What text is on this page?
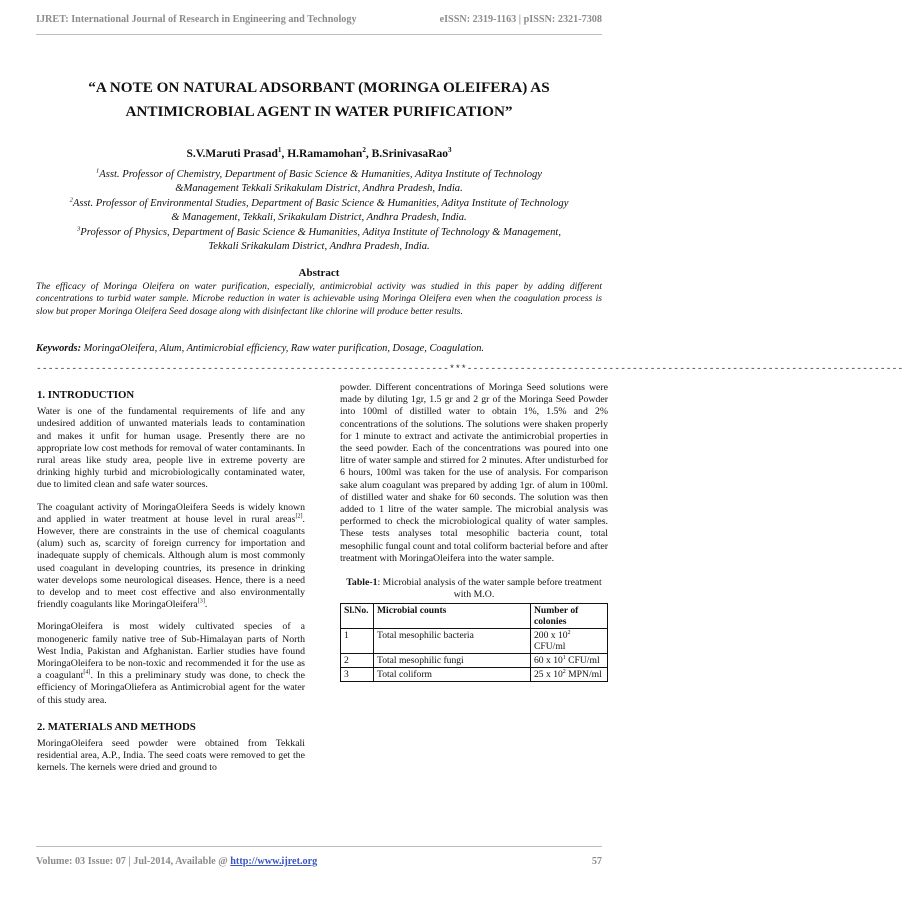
IJRET: International Journal of Research in Engineering and Technology	eISSN: 2319-1163 | pISSN: 2321-7308
“A NOTE ON NATURAL ADSORBANT (MORINGA OLEIFERA) AS
ANTIMICROBIAL AGENT IN WATER PURIFICATION”
S.V.Maruti Prasad$^1$, H.Ramamohan$^2$, B.SrinivasaRao$^3$

$^1$Asst. Professor of Chemistry, Department of Basic Science & Humanities, Aditya Institute of Technology
&Management Tekkali Srikakulam District, Andhra Pradesh, India.

$^2$Asst. Professor of Environmental Studies, Department of Basic Science & Humanities, Aditya Institute of Technology
& Management, Tekkali, Srikakulam District, Andhra Pradesh, India.

$^3$Professor of Physics, Department of Basic Science & Humanities, Aditya Institute of Technology & Management,
Tekkali Srikakulam District, Andhra Pradesh, India.

Abstract

The efficacy of Moringa Oleifera on water purification, especially, antimicrobial activity was studied in this paper by adding different concentrations to turbid water sample. Microbe reduction in water is achievable using Moringa Oleifera even when the coagulation process is slow but proper Moringa Oleifera Seed dosage along with disinfectant like chlorine will produce better results.

Keywords: MoringaOleifera, Alum, Antimicrobial efficiency, Raw water purification, Dosage, Coagulation.
----------------------------------------------------------------------***--------------------------------------------------------------------------
1. INTRODUCTION

Water is one of the fundamental requirements of life and any undesired addition of unwanted materials leads to contamination and makes it unfit for human usage. Presently there are no appropriate low cost methods for removal of water contaminants. In rural areas like study area, people live in extreme poverty are drinking highly turbid and microbiologically contaminated water, due to limited clean and safe water sources.

The coagulant activity of MoringaOleifera Seeds is widely known and applied in water treatment at house level in rural areas[2]. However, there are constraints in the use of chemical coagulants (alum) such as, scarcity of foreign currency for importation and inadequate supply of chemicals. Although alum is most commonly used coagulant in developing countries, its presence in drinking water develops some neurological diseases. Hence, there is a need to develop and to meet cost effective and also environmentally friendly coagulants like MoringaOleifera[3].

MoringaOleifera is most widely cultivated species of a monogeneric family native tree of Sub-Himalayan parts of North West India, Pakistan and Afghanistan. Earlier studies have found MoringaOleifera to be non-toxic and recommended it for the use as a coagulant[4]. In this a preliminary study was done, to check the efficiency of MoringaOliefera as Antimicrobial agent for the water of this study area.

2. MATERIALS AND METHODS

MoringaOleifera seed powder were obtained from Tekkali residential area, A.P., India. The seed coats were removed to get the kernels. The kernels were dried and ground to

powder. Different concentrations of Moringa Seed solutions were made by diluting 1gr, 1.5 gr and 2 gr of the Moringa Seed Powder into 100ml of distilled water to obtain 1%, 1.5% and 2% concentrations of the solutions. The solutions were shaken properly for 1 minute to extract and activate the antimicrobial properties in the seed powder. Each of the concentrations was poured into one litre of water sample and stirred for 2 minutes. After undisturbed for 6 hours, 100ml was taken for the use of analysis. For comparison sake alum coagulant was prepared by adding 1gr. of alum in 100ml. of distilled water and shake for 60 seconds. The solution was then added to 1 litre of the water sample. The microbial analysis was performed to check the microbiological quality of water samples. These tests analyses total mesophilic bacteria count, total mesophilic fungal count and total coliform bacterial before and after treatment with MoringaOleifera into the water sample.

Table-1: Microbial analysis of the water sample before treatment with M.O.
Sl.No.	Microbial counts	Number of colonies
1	Total mesophilic bacteria	200 x $10^2$ CFU/ml
2	Total mesophilic fungi	60 x $10^1$ CFU/ml
3	Total coliform	25 x $10^2$ MPN/ml
Volume: 03 Issue: 07 | Jul-2014, Available @ http://www.ijret.org	57
